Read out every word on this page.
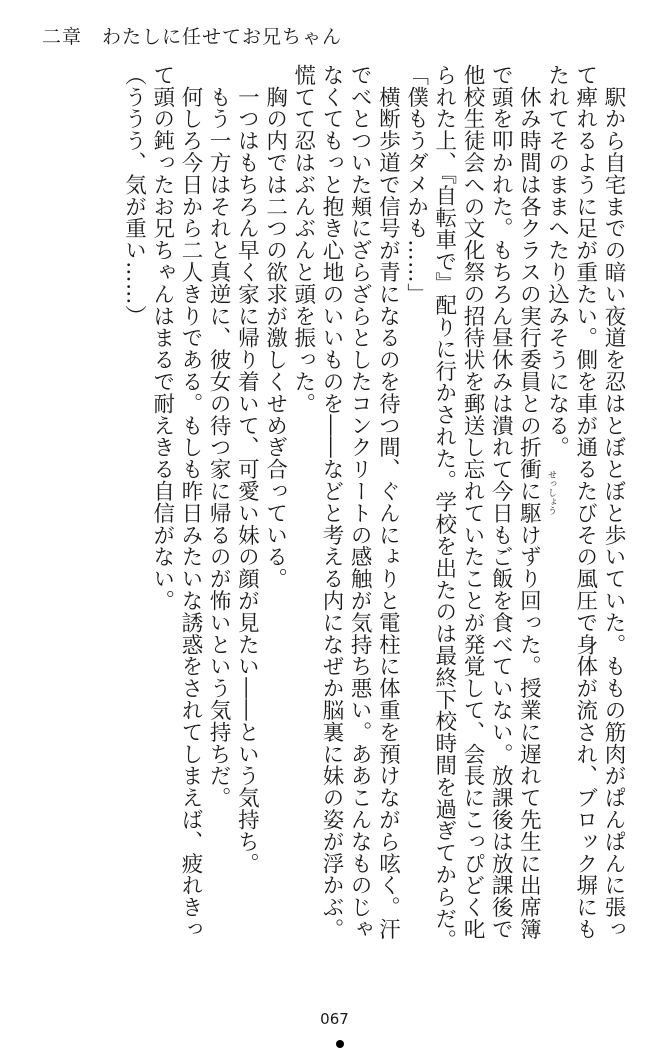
二章　わたしに任せてお兄ちゃん
　駅から自宅までの暗い夜道を忍はとぼとぼと歩いていた。ももの筋肉がぱんぱんに張っ
て痺れるように足が重たい。側を車が通るたびその風圧で身体が流され、ブロック塀にも
たれてそのままへたり込みそうになる。
　休み時間は各クラスの実行委員との折衝に駆けずり回った。授業に遅れて先生に出席簿
で頭を叩かれた。もちろん昼休みは潰れて今日もご飯を食べていない。放課後は放課後で
他校生徒会への文化祭の招待状を郵送し忘れていたことが発覚して、会長にこっぴどく叱
られた上、『自転車で』配りに行かされた。学校を出たのは最終下校時間を過ぎてからだ。
「僕もうダメかも……」
　横断歩道で信号が青になるのを待つ間、ぐんにょりと電柱に体重を預けながら呟く。汗
でべとついた頬にざらざらとしたコンクリートの感触が気持ち悪い。ああこんなものじゃ
なくてもっと抱き心地のいいものを――などと考える内になぜか脳裏に妹の姿が浮かぶ。
慌てて忍はぶんぶんと頭を振った。
　胸の内では二つの欲求が激しくせめぎ合っている。
　一つはもちろん早く家に帰り着いて、可愛い妹の顔が見たい――という気持ち。
　もう一方はそれと真逆に、彼女の待つ家に帰るのが怖いという気持ちだ。
　何しろ今日から二人きりである。もしも昨日みたいな誘惑をされてしまえば、疲れきっ
て頭の鈍ったお兄ちゃんはまるで耐えきる自信がない。
（ううう、気が重い……）
せっしょう
067
